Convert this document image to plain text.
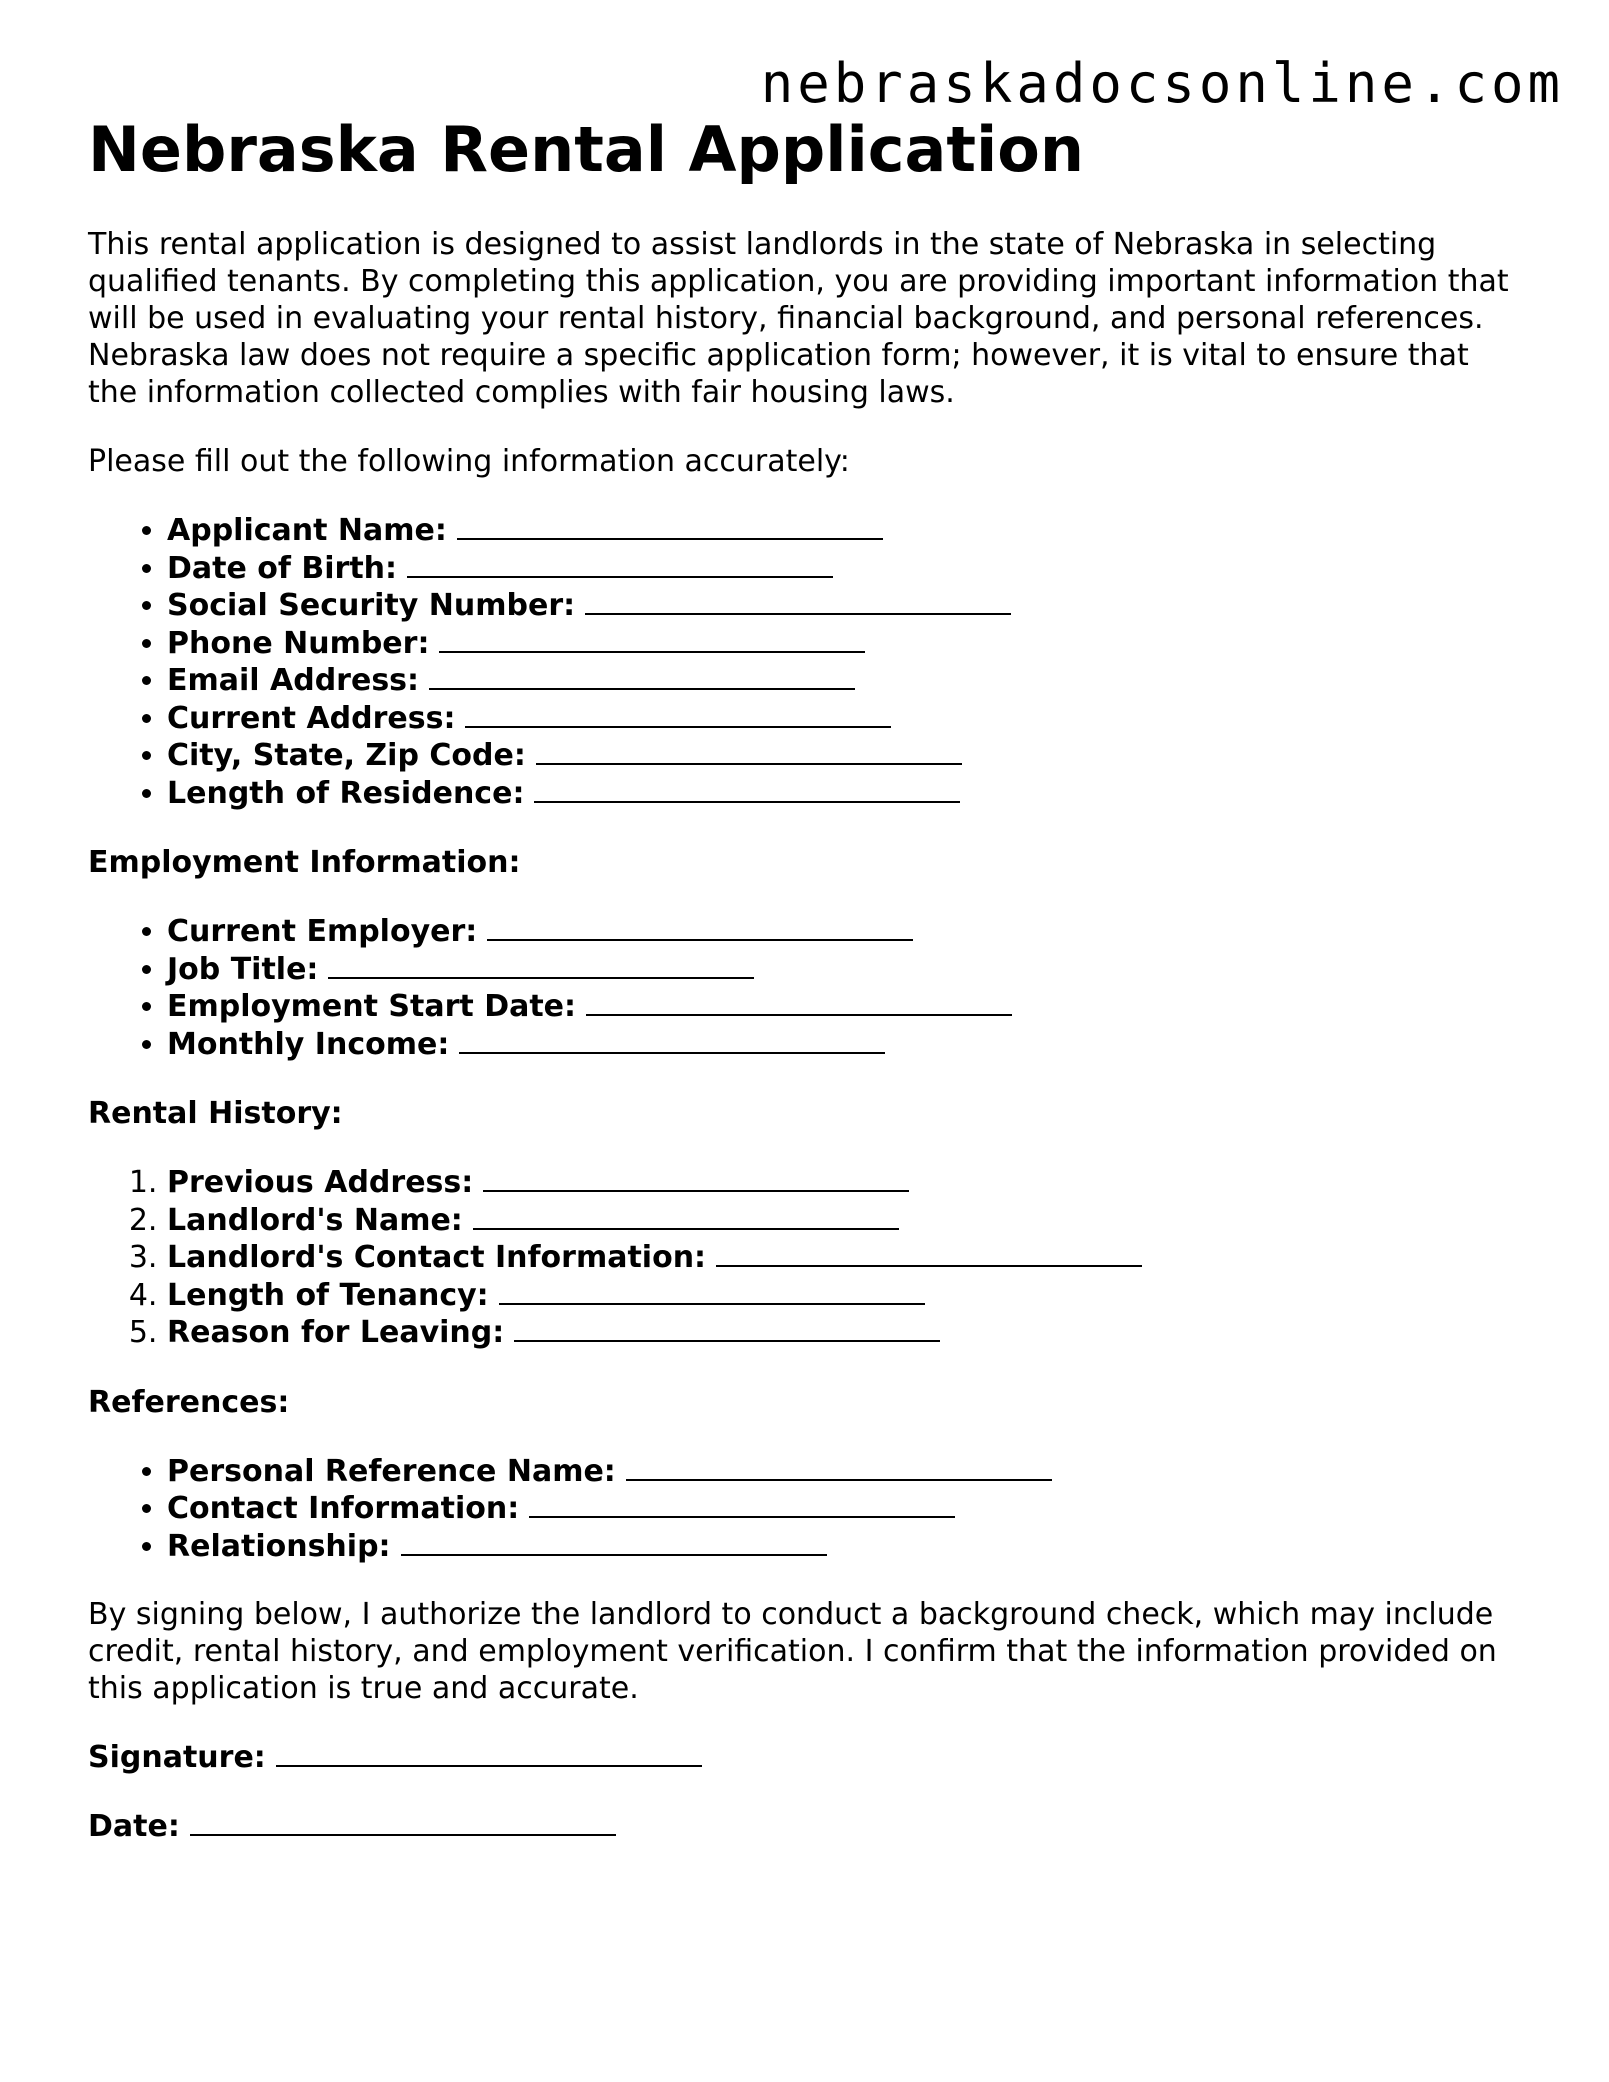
nebraskadocsonline.com
Nebraska Rental Application

This rental application is designed to assist landlords in the state of Nebraska in selecting qualified tenants. By completing this application, you are providing important information that will be used in evaluating your rental history, financial background, and personal references. Nebraska law does not require a specific application form; however, it is vital to ensure that the information collected complies with fair housing laws.

Please fill out the following information accurately:

• Applicant Name:
• Date of Birth:
• Social Security Number:
• Phone Number:
• Email Address:
• Current Address:
• City, State, Zip Code:
• Length of Residence:

Employment Information:

• Current Employer:
• Job Title:
• Employment Start Date:
• Monthly Income:

Rental History:

1. Previous Address:
2. Landlord's Name:
3. Landlord's Contact Information:
4. Length of Tenancy:
5. Reason for Leaving:

References:

• Personal Reference Name:
• Contact Information:
• Relationship:

By signing below, I authorize the landlord to conduct a background check, which may include credit, rental history, and employment verification. I confirm that the information provided on this application is true and accurate.

Signature:

Date:
